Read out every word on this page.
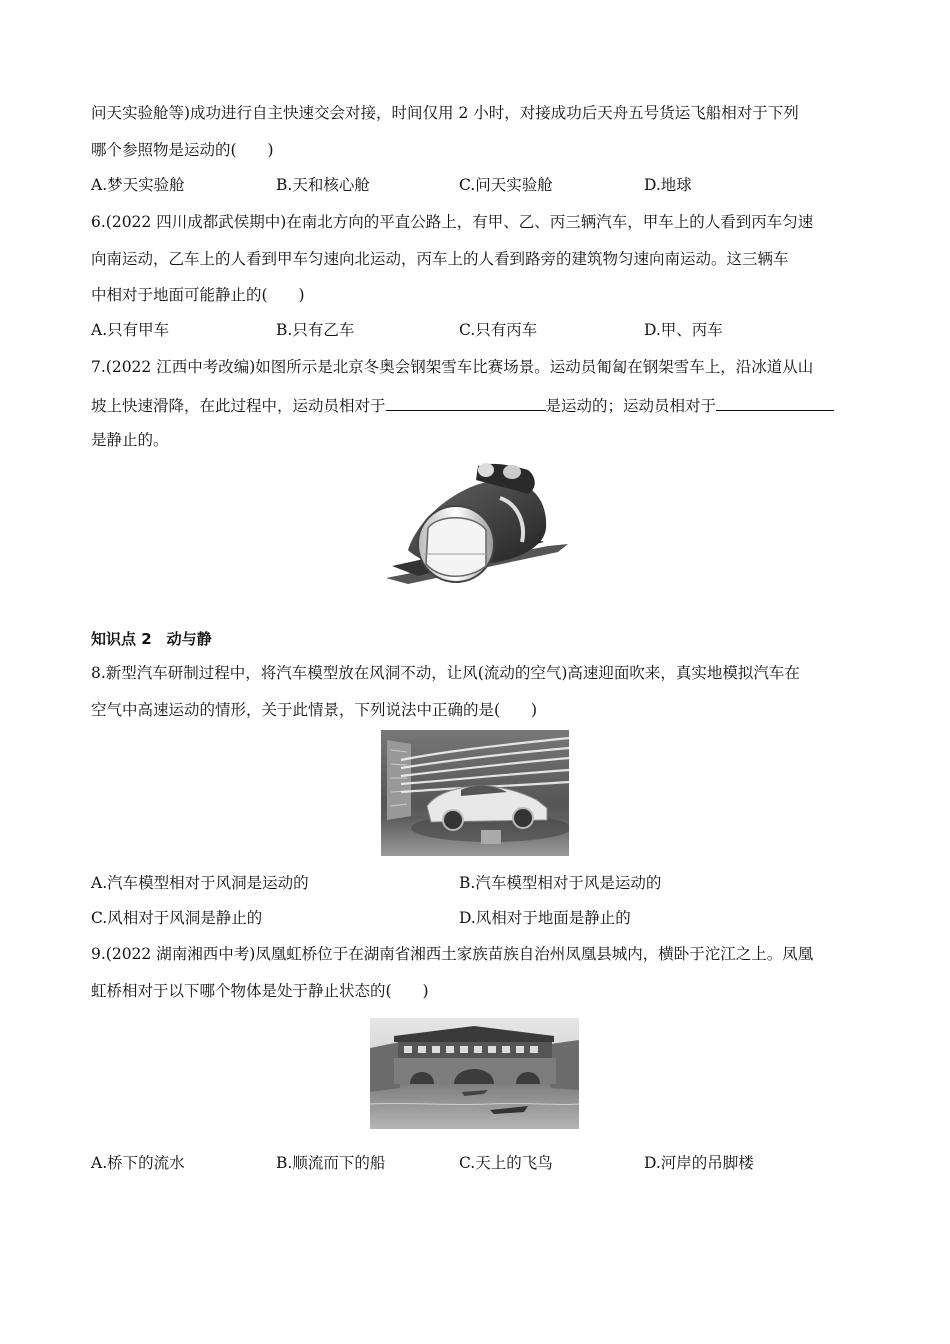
问天实验舱等)成功进行自主快速交会对接，时间仅用 2 小时，对接成功后天舟五号货运飞船相对于下列
哪个参照物是运动的(　　)
A.梦天实验舱	B.天和核心舱	C.问天实验舱	D.地球
6.(2022 四川成都武侯期中)在南北方向的平直公路上，有甲、乙、丙三辆汽车，甲车上的人看到丙车匀速
向南运动，乙车上的人看到甲车匀速向北运动，丙车上的人看到路旁的建筑物匀速向南运动。这三辆车
中相对于地面可能静止的(　　)
A.只有甲车	B.只有乙车	C.只有丙车	D.甲、丙车
7.(2022 江西中考改编)如图所示是北京冬奥会钢架雪车比赛场景。运动员匍匐在钢架雪车上，沿冰道从山
坡上快速滑降，在此过程中，运动员相对于	是运动的；运动员相对于
是静止的。
知识点 2　动与静
8.新型汽车研制过程中，将汽车模型放在风洞不动，让风(流动的空气)高速迎面吹来，真实地模拟汽车在
空气中高速运动的情形，关于此情景，下列说法中正确的是(　　)
A.汽车模型相对于风洞是运动的	B.汽车模型相对于风是运动的
C.风相对于风洞是静止的	D.风相对于地面是静止的
9.(2022 湖南湘西中考)凤凰虹桥位于在湖南省湘西土家族苗族自治州凤凰县城内，横卧于沱江之上。凤凰
虹桥相对于以下哪个物体是处于静止状态的(　　)
A.桥下的流水	B.顺流而下的船	C.天上的飞鸟	D.河岸的吊脚楼
